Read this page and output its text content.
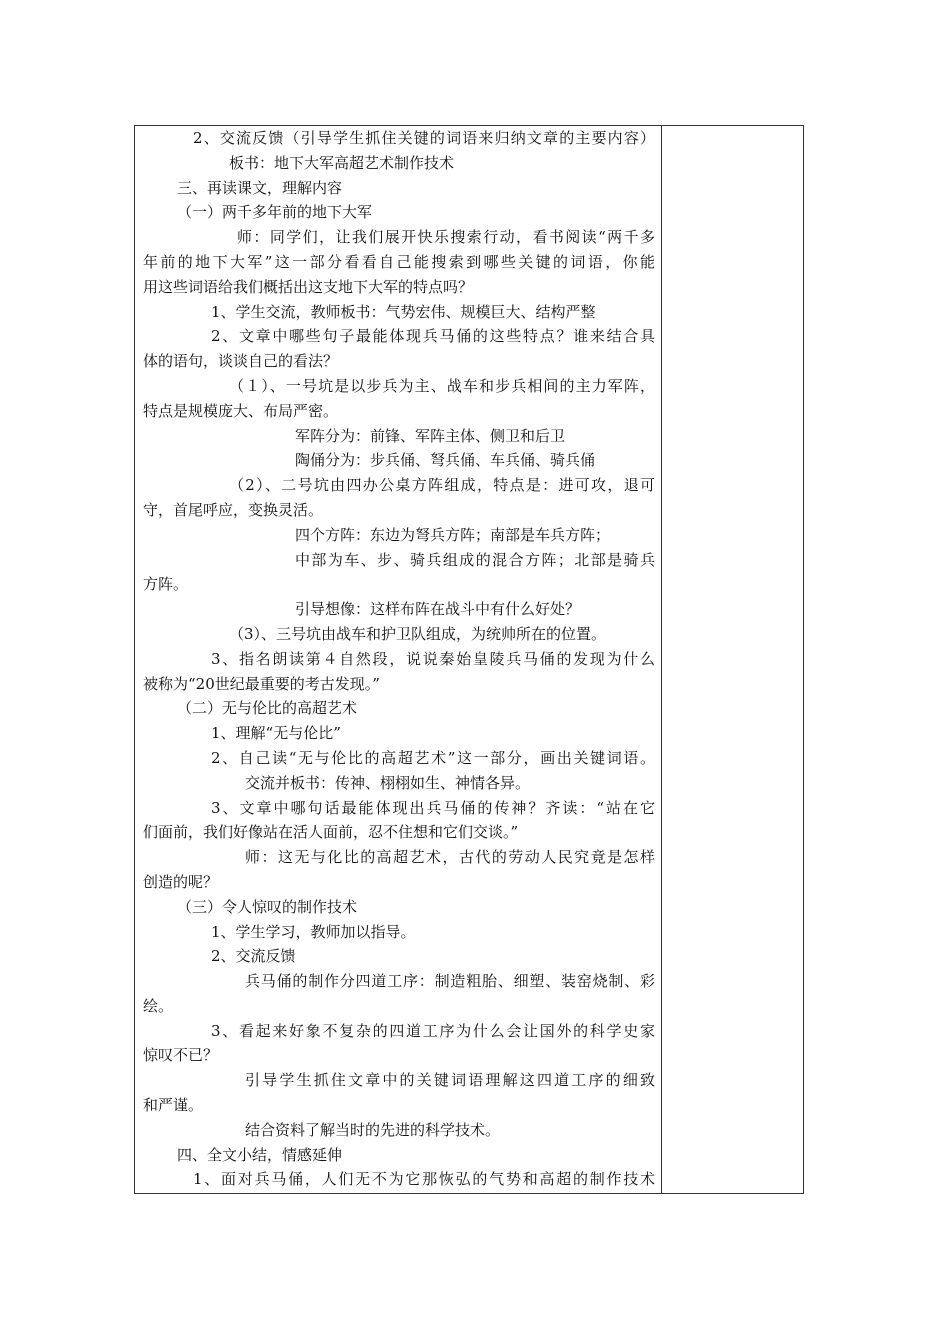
2、交流反馈（引导学生抓住关键的词语来归纳文章的主要内容）
板书：地下大军高超艺术制作技术
三、再读课文，理解内容
（一）两千多年前的地下大军
师：同学们，让我们展开快乐搜索行动，看书阅读“两千多
年前的地下大军”这一部分看看自己能搜索到哪些关键的词语，你能
用这些词语给我们概括出这支地下大军的特点吗？
1、学生交流，教师板书：气势宏伟、规模巨大、结构严整
2、文章中哪些句子最能体现兵马俑的这些特点？谁来结合具
体的语句，谈谈自己的看法？
（１）、一号坑是以步兵为主、战车和步兵相间的主力军阵，
特点是规模庞大、布局严密。
军阵分为：前锋、军阵主体、侧卫和后卫
陶俑分为：步兵俑、弩兵俑、车兵俑、骑兵俑
（2）、二号坑由四办公桌方阵组成，特点是：进可攻，退可
守，首尾呼应，变换灵活。
四个方阵：东边为弩兵方阵；南部是车兵方阵；
中部为车、步、骑兵组成的混合方阵；北部是骑兵
方阵。
引导想像：这样布阵在战斗中有什么好处？
（3）、三号坑由战车和护卫队组成，为统帅所在的位置。
3、指名朗读第４自然段，说说秦始皇陵兵马俑的发现为什么
被称为“20世纪最重要的考古发现。”
（二）无与伦比的高超艺术
1、理解“无与伦比”
2、自己读“无与伦比的高超艺术”这一部分，画出关键词语。
交流并板书：传神、栩栩如生、神情各异。
3、文章中哪句话最能体现出兵马俑的传神？齐读：“站在它
们面前，我们好像站在活人面前，忍不住想和它们交谈。”
师：这无与化比的高超艺术，古代的劳动人民究竟是怎样
创造的呢？
（三）令人惊叹的制作技术
1、学生学习，教师加以指导。
2、交流反馈
兵马俑的制作分四道工序：制造粗胎、细塑、装窑烧制、彩
绘。
3、看起来好象不复杂的四道工序为什么会让国外的科学史家
惊叹不已？
引导学生抓住文章中的关键词语理解这四道工序的细致
和严谨。
结合资料了解当时的先进的科学技术。
四、全文小结，情感延伸
1、面对兵马俑，人们无不为它那恢弘的气势和高超的制作技术
